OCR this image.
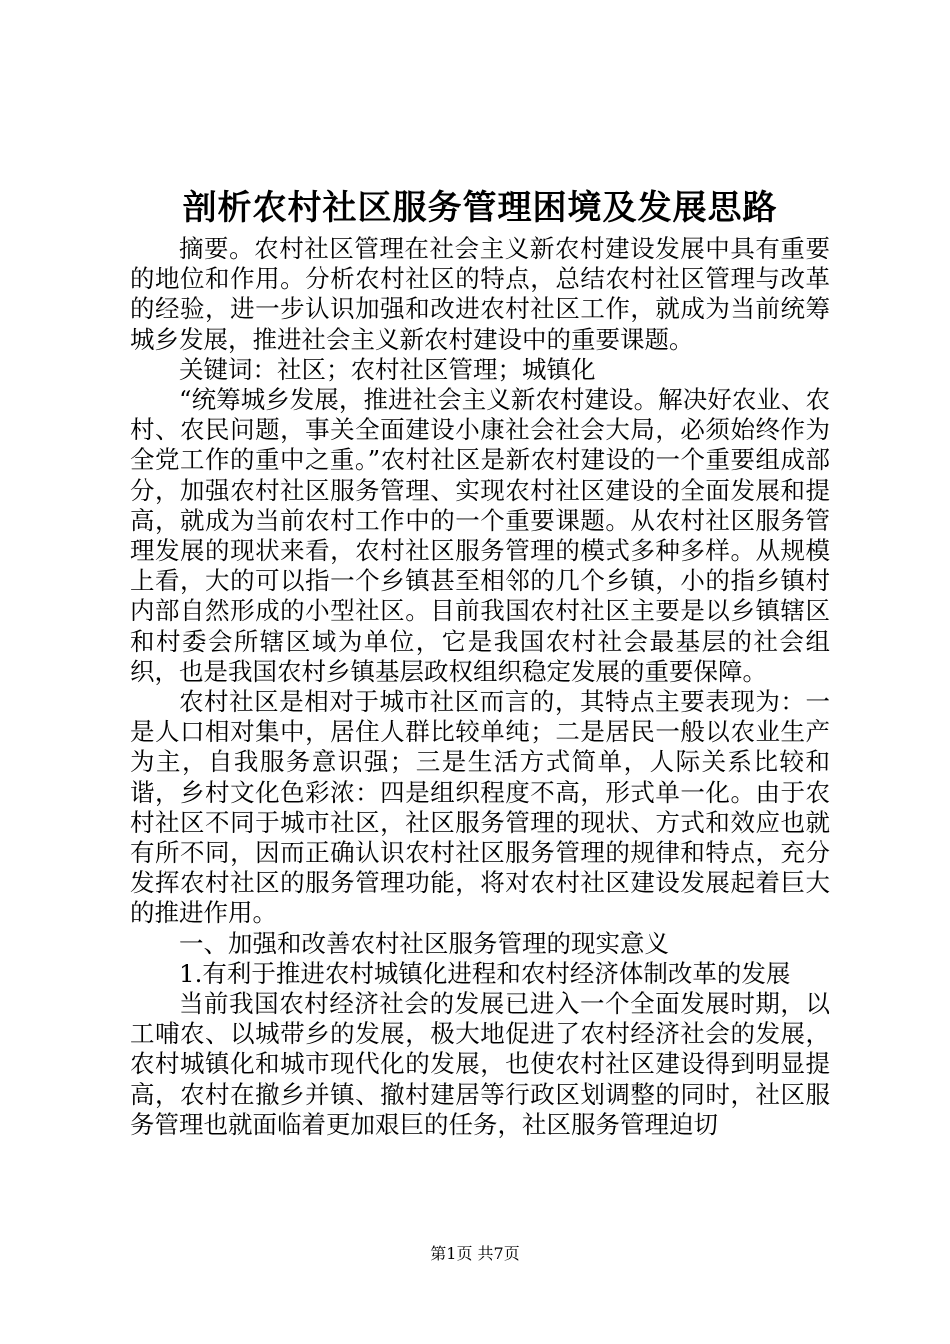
剖析农村社区服务管理困境及发展思路

摘要。农村社区管理在社会主义新农村建设发展中具有重要的地位和作用。分析农村社区的特点，总结农村社区管理与改革的经验，进一步认识加强和改进农村社区工作，就成为当前统筹城乡发展，推进社会主义新农村建设中的重要课题。

关键词：社区；农村社区管理；城镇化

“统筹城乡发展，推进社会主义新农村建设。解决好农业、农村、农民问题，事关全面建设小康社会社会大局，必须始终作为全党工作的重中之重。”农村社区是新农村建设的一个重要组成部分，加强农村社区服务管理、实现农村社区建设的全面发展和提高，就成为当前农村工作中的一个重要课题。从农村社区服务管理发展的现状来看，农村社区服务管理的模式多种多样。从规模上看，大的可以指一个乡镇甚至相邻的几个乡镇，小的指乡镇村内部自然形成的小型社区。目前我国农村社区主要是以乡镇辖区和村委会所辖区域为单位，它是我国农村社会最基层的社会组织，也是我国农村乡镇基层政权组织稳定发展的重要保障。

农村社区是相对于城市社区而言的，其特点主要表现为：一是人口相对集中，居住人群比较单纯；二是居民一般以农业生产为主，自我服务意识强；三是生活方式简单，人际关系比较和谐，乡村文化色彩浓：四是组织程度不高，形式单一化。由于农村社区不同于城市社区，社区服务管理的现状、方式和效应也就有所不同，因而正确认识农村社区服务管理的规律和特点，充分发挥农村社区的服务管理功能，将对农村社区建设发展起着巨大的推进作用。

一、加强和改善农村社区服务管理的现实意义

1.有利于推进农村城镇化进程和农村经济体制改革的发展

当前我国农村经济社会的发展已进入一个全面发展时期，以工哺农、以城带乡的发展，极大地促进了农村经济社会的发展，农村城镇化和城市现代化的发展，也使农村社区建设得到明显提高，农村在撤乡并镇、撤村建居等行政区划调整的同时，社区服务管理也就面临着更加艰巨的任务，社区服务管理迫切

第1页 共7页
